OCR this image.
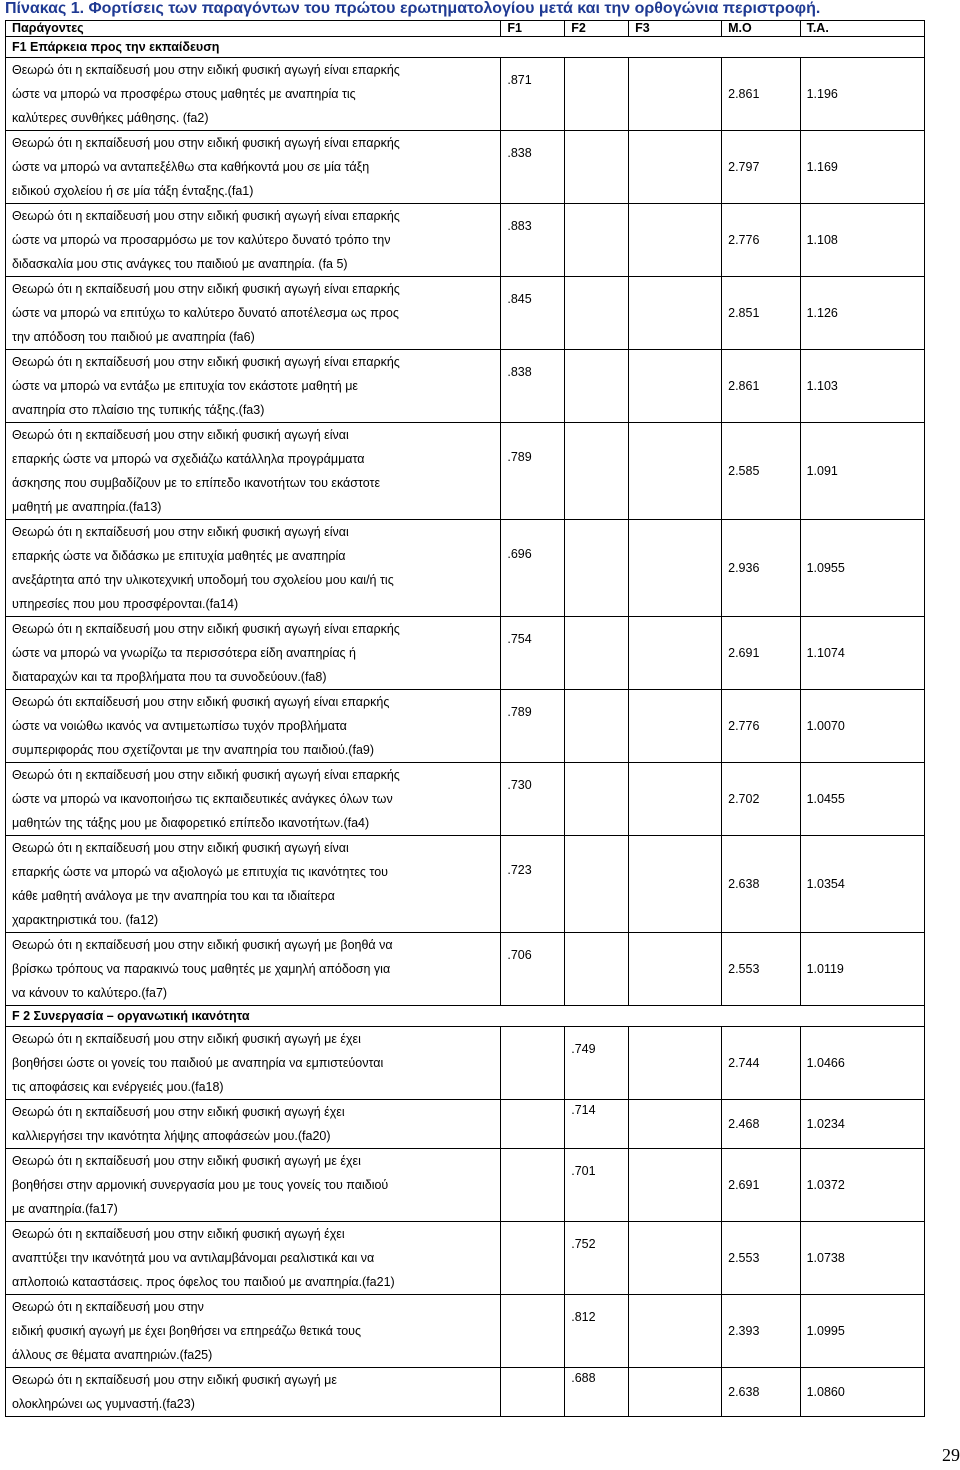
Πίνακας 1. Φορτίσεις των παραγόντων του πρώτου ερωτηματολογίου μετά και την ορθογώνια περιστροφή.
Παράγοντες	F1	F2	F3	M.O	T.A.
F1 Επάρκεια προς την εκπαίδευση					

Θεωρώ ότι η εκπαίδευσή μου στην ειδική φυσική αγωγή είναι επαρκής
ώστε να μπορώ να προσφέρω στους μαθητές με αναπηρία τις
καλύτερες συνθήκες μάθησης. (fa2)	.871			2.861	1.196

Θεωρώ ότι η εκπαίδευσή μου στην ειδική φυσική αγωγή είναι επαρκής
ώστε να μπορώ να ανταπεξέλθω στα καθήκοντά μου σε μία τάξη
ειδικού σχολείου ή σε μία τάξη ένταξης.(fa1)	.838			2.797	1.169

Θεωρώ ότι η εκπαίδευσή μου στην ειδική φυσική αγωγή είναι επαρκής
ώστε να μπορώ να προσαρμόσω με τον καλύτερο δυνατό τρόπο την
διδασκαλία μου στις ανάγκες του παιδιού με αναπηρία. (fa 5)	.883			2.776	1.108

Θεωρώ ότι η εκπαίδευσή μου στην ειδική φυσική αγωγή είναι επαρκής
ώστε να μπορώ να επιτύχω το καλύτερο δυνατό αποτέλεσμα ως προς
την απόδοση του παιδιού με αναπηρία (fa6)	.845			2.851	1.126

Θεωρώ ότι η εκπαίδευσή μου στην ειδική φυσική αγωγή είναι επαρκής
ώστε να μπορώ να εντάξω με επιτυχία τον εκάστοτε μαθητή με
αναπηρία στο πλαίσιο της τυπικής τάξης.(fa3)	.838			2.861	1.103

Θεωρώ ότι η εκπαίδευσή μου στην ειδική φυσική αγωγή είναι
επαρκής ώστε να μπορώ να σχεδιάζω κατάλληλα προγράμματα
άσκησης που συμβαδίζουν με το επίπεδο ικανοτήτων του εκάστοτε
μαθητή με αναπηρία.(fa13)	.789			2.585	1.091

Θεωρώ ότι η εκπαίδευσή μου στην ειδική φυσική αγωγή είναι
επαρκής ώστε να διδάσκω με επιτυχία μαθητές με αναπηρία
ανεξάρτητα από την υλικοτεχνική υποδομή του σχολείου μου και/ή τις
υπηρεσίες που μου προσφέρονται.(fa14)	.696			2.936	1.0955

Θεωρώ ότι η εκπαίδευσή μου στην ειδική φυσική αγωγή είναι επαρκής
ώστε να μπορώ να γνωρίζω τα περισσότερα είδη αναπηρίας ή
διαταραχών και τα προβλήματα που τα συνοδεύουν.(fa8)	.754			2.691	1.1074

Θεωρώ ότι εκπαίδευσή μου στην ειδική φυσική αγωγή είναι επαρκής
ώστε να νοιώθω ικανός να αντιμετωπίσω τυχόν προβλήματα
συμπεριφοράς που σχετίζονται με την αναπηρία του παιδιού.(fa9)	.789			2.776	1.0070

Θεωρώ ότι η εκπαίδευσή μου στην ειδική φυσική αγωγή είναι επαρκής
ώστε να μπορώ να ικανοποιήσω τις εκπαιδευτικές ανάγκες όλων των
μαθητών της τάξης μου με διαφορετικό επίπεδο ικανοτήτων.(fa4)	.730			2.702	1.0455

Θεωρώ ότι η εκπαίδευσή μου στην ειδική φυσική αγωγή είναι
επαρκής ώστε να μπορώ να αξιολογώ με επιτυχία τις ικανότητες του
κάθε μαθητή ανάλογα με την αναπηρία του και τα ιδιαίτερα
χαρακτηριστικά του. (fa12)	.723			2.638	1.0354

Θεωρώ ότι η εκπαίδευσή μου στην ειδική φυσική αγωγή με βοηθά να
βρίσκω τρόπους να παρακινώ τους μαθητές με χαμηλή απόδοση για
να κάνουν το καλύτερο.(fa7)	.706			2.553	1.0119

F 2 Συνεργασία – οργανωτική ικανότητα					

Θεωρώ ότι η εκπαίδευσή μου στην ειδική φυσική αγωγή με έχει
βοηθήσει ώστε οι γονείς του παιδιού με αναπηρία να εμπιστεύονται
τις αποφάσεις και ενέργειές μου.(fa18)		.749		2.744	1.0466

Θεωρώ ότι η εκπαίδευσή μου στην ειδική φυσική αγωγή έχει
καλλιεργήσει την ικανότητα λήψης αποφάσεών μου.(fa20)		.714		2.468	1.0234

Θεωρώ ότι η εκπαίδευσή μου στην ειδική φυσική αγωγή με έχει
βοηθήσει στην αρμονική συνεργασία μου με τους γονείς του παιδιού
με αναπηρία.(fa17)		.701		2.691	1.0372

Θεωρώ ότι η εκπαίδευσή μου στην ειδική φυσική αγωγή έχει
αναπτύξει την ικανότητά μου να αντιλαμβάνομαι ρεαλιστικά και να
απλοποιώ καταστάσεις. προς όφελος του παιδιού με αναπηρία.(fa21)		.752		2.553	1.0738

Θεωρώ ότι η εκπαίδευσή μου στην
ειδική φυσική αγωγή με έχει βοηθήσει να επηρεάζω θετικά τους
άλλους σε θέματα αναπηριών.(fa25)		.812		2.393	1.0995

Θεωρώ ότι η εκπαίδευσή μου στην ειδική φυσική αγωγή με
ολοκληρώνει ως γυμναστή.(fa23)		.688		2.638	1.0860
29
